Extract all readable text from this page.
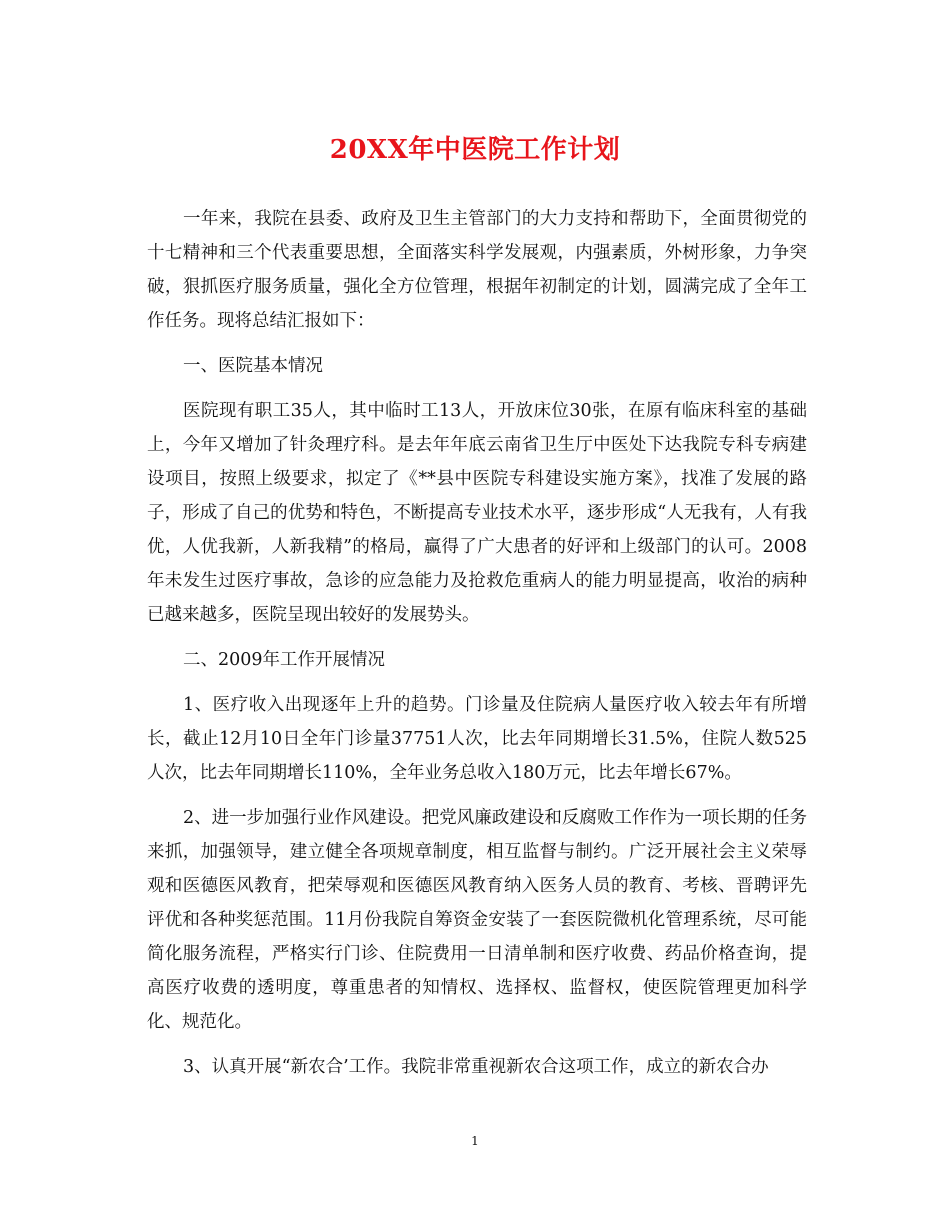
20XX年中医院工作计划

一年来，我院在县委、政府及卫生主管部门的大力支持和帮助下，全面贯彻党的十七精神和三个代表重要思想，全面落实科学发展观，内强素质，外树形象，力争突破，狠抓医疗服务质量，强化全方位管理，根据年初制定的计划，圆满完成了全年工作任务。现将总结汇报如下：

一、医院基本情况

医院现有职工35人，其中临时工13人，开放床位30张，在原有临床科室的基础上，今年又增加了针灸理疗科。是去年年底云南省卫生厅中医处下达我院专科专病建设项目，按照上级要求，拟定了《**县中医院专科建设实施方案》，找准了发展的路子，形成了自己的优势和特色，不断提高专业技术水平，逐步形成“人无我有，人有我优，人优我新，人新我精”的格局，赢得了广大患者的好评和上级部门的认可。2008年未发生过医疗事故，急诊的应急能力及抢救危重病人的能力明显提高，收治的病种已越来越多，医院呈现出较好的发展势头。

二、2009年工作开展情况

1、医疗收入出现逐年上升的趋势。门诊量及住院病人量医疗收入较去年有所增长，截止12月10日全年门诊量37751人次，比去年同期增长31.5%，住院人数525人次，比去年同期增长110%，全年业务总收入180万元，比去年增长67%。

2、进一步加强行业作风建设。把党风廉政建设和反腐败工作作为一项长期的任务来抓，加强领导，建立健全各项规章制度，相互监督与制约。广泛开展社会主义荣辱观和医德医风教育，把荣辱观和医德医风教育纳入医务人员的教育、考核、晋聘评先评优和各种奖惩范围。11月份我院自筹资金安装了一套医院微机化管理系统，尽可能简化服务流程，严格实行门诊、住院费用一日清单制和医疗收费、药品价格查询，提高医疗收费的透明度，尊重患者的知情权、选择权、监督权，使医院管理更加科学化、规范化。

3、认真开展“新农合’工作。我院非常重视新农合这项工作，成立的新农合办

1
